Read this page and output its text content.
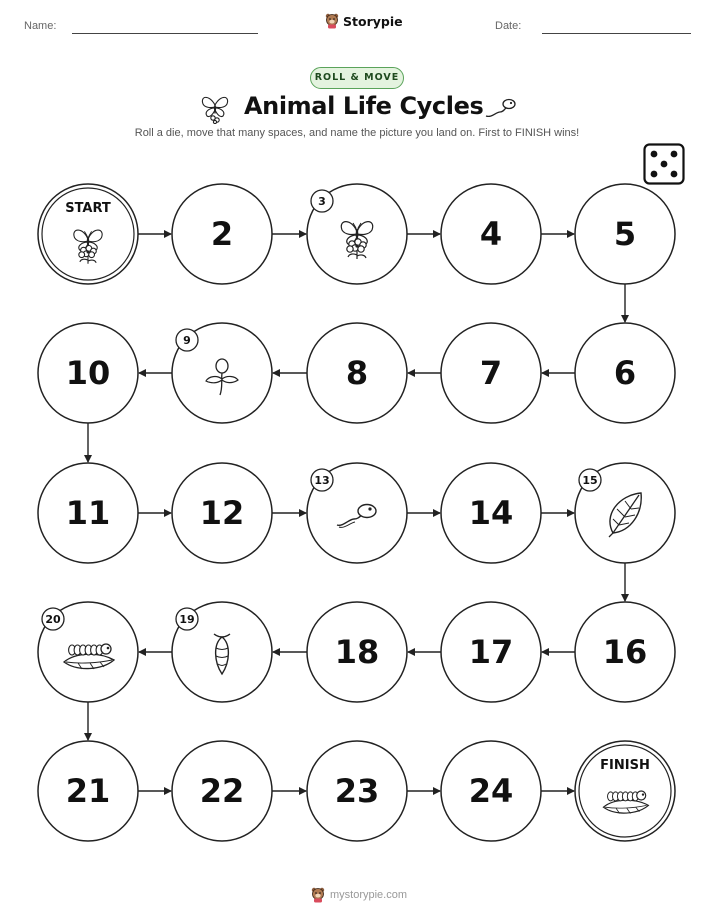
Name:	Storypie	Date:
ROLL & MOVE
Animal Life Cycles
Roll a die, move that many spaces, and name the picture you land on. First to FINISH wins!
START
2
3
4	5
6
7
8
9
10
11	12
13
14
15
16
17
18
19
20
21	22	23	24
FINISH
mystorypie.com
